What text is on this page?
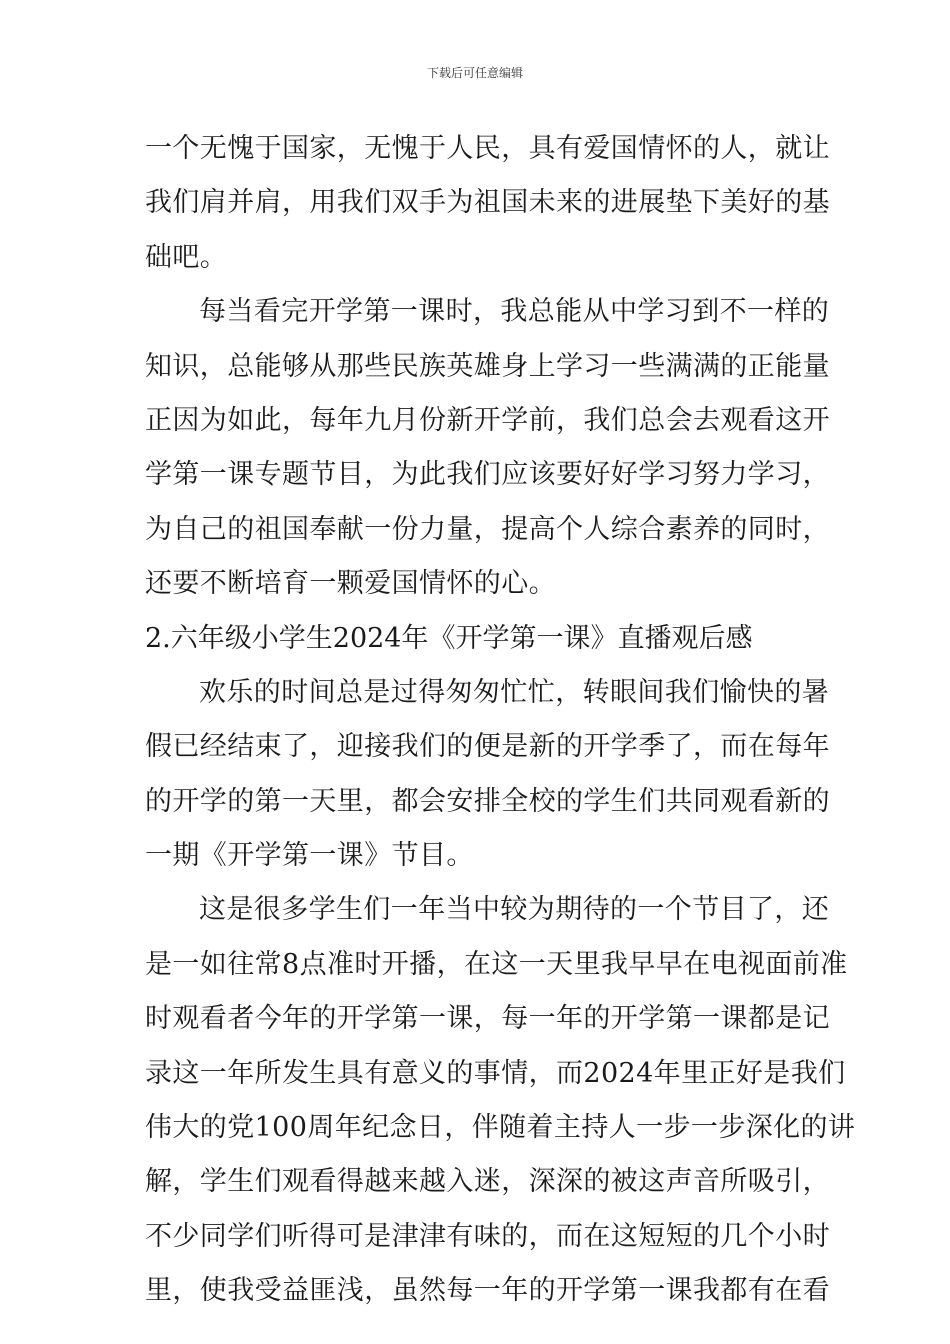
下载后可任意编辑
一个无愧于国家，无愧于人民，具有爱国情怀的人，就让
我们肩并肩，用我们双手为祖国未来的进展垫下美好的基
础吧。
每当看完开学第一课时，我总能从中学习到不一样的
知识，总能够从那些民族英雄身上学习一些满满的正能量
正因为如此，每年九月份新开学前，我们总会去观看这开
学第一课专题节目，为此我们应该要好好学习努力学习，
为自己的祖国奉献一份力量，提高个人综合素养的同时，
还要不断培育一颗爱国情怀的心。
2.六年级小学生2024年《开学第一课》直播观后感
欢乐的时间总是过得匆匆忙忙，转眼间我们愉快的暑
假已经结束了，迎接我们的便是新的开学季了，而在每年
的开学的第一天里，都会安排全校的学生们共同观看新的
一期《开学第一课》节目。
这是很多学生们一年当中较为期待的一个节目了，还
是一如往常8点准时开播，在这一天里我早早在电视面前准
时观看者今年的开学第一课，每一年的开学第一课都是记
录这一年所发生具有意义的事情，而2024年里正好是我们
伟大的党100周年纪念日，伴随着主持人一步一步深化的讲
解，学生们观看得越来越入迷，深深的被这声音所吸引，
不少同学们听得可是津津有味的，而在这短短的几个小时
里，使我受益匪浅，虽然每一年的开学第一课我都有在看
